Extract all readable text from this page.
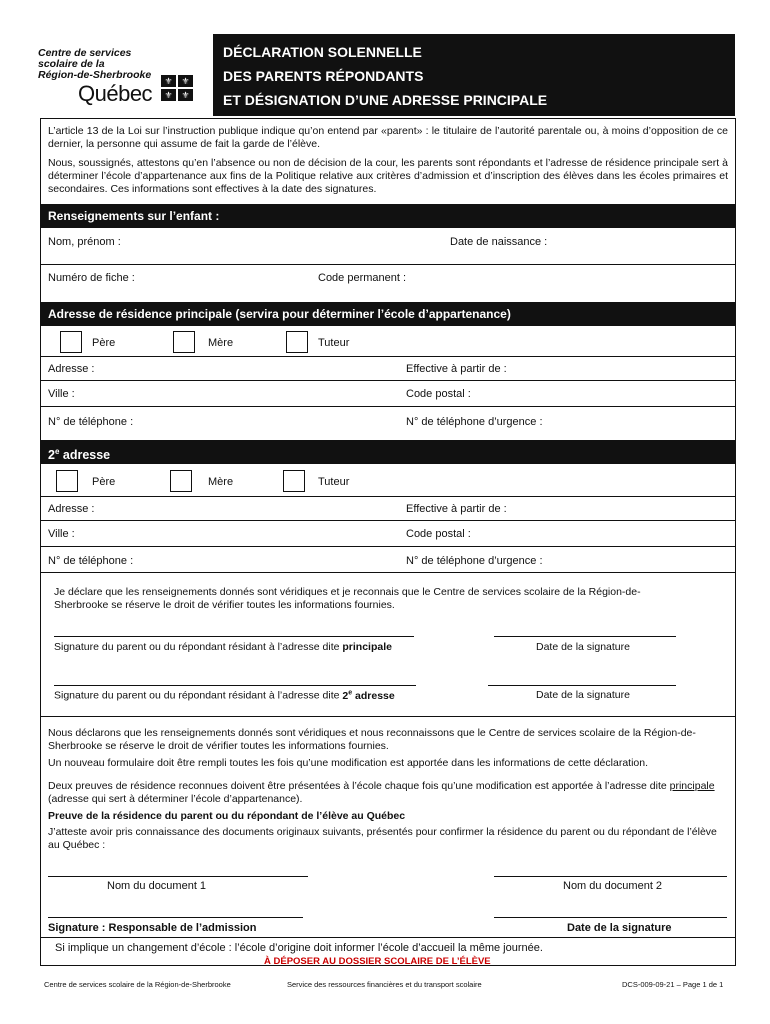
Centre de services
scolaire de la
Région-de-Sherbrooke
Québec	⚜ ⚜
⚜ ⚜
DÉCLARATION SOLENNELLE
DES PARENTS RÉPONDANTS
ET DÉSIGNATION D’UNE ADRESSE PRINCIPALE
L’article 13 de la Loi sur l’instruction publique indique qu’on entend par «parent» : le titulaire de l’autorité parentale ou, à moins d’opposition de ce dernier, la personne qui assume de fait la garde de l’élève.
Nous, soussignés, attestons qu’en l’absence ou non de décision de la cour, les parents sont répondants et l’adresse de résidence principale sert à déterminer l’école d’appartenance aux fins de la Politique relative aux critères d’admission et d’inscription des élèves dans les écoles primaires et secondaires. Ces informations sont effectives à la date des signatures.
Renseignements sur l’enfant :
Nom, prénom :	Date de naissance :
Numéro de fiche :	Code permanent :
Adresse de résidence principale (servira pour déterminer l’école d’appartenance)
Père	Mère	Tuteur
Adresse :	Effective à partir de :
Ville :	Code postal :
N° de téléphone :	N° de téléphone d’urgence :
2e adresse
Père	Mère	Tuteur
Adresse :	Effective à partir de :
Ville :	Code postal :
N° de téléphone :	N° de téléphone d’urgence :
Je déclare que les renseignements donnés sont véridiques et je reconnais que le Centre de services scolaire de la Région-de-Sherbrooke se réserve le droit de vérifier toutes les informations fournies.
Signature du parent ou du répondant résidant à l’adresse dite principale	Date de la signature
Signature du parent ou du répondant résidant à l’adresse dite 2e adresse	Date de la signature
Nous déclarons que les renseignements donnés sont véridiques et nous reconnaissons que le Centre de services scolaire de la Région-de-Sherbrooke se réserve le droit de vérifier toutes les informations fournies.
Un nouveau formulaire doit être rempli toutes les fois qu’une modification est apportée dans les informations de cette déclaration.
Deux preuves de résidence reconnues doivent être présentées à l’école chaque fois qu’une modification est apportée à l’adresse dite principale (adresse qui sert à déterminer l’école d’appartenance).
Preuve de la résidence du parent ou du répondant de l’élève au Québec
J’atteste avoir pris connaissance des documents originaux suivants, présentés pour confirmer la résidence du parent ou du répondant de l’élève au Québec :
Nom du document 1	Nom du document 2
Signature : Responsable de l’admission	Date de la signature
Si implique un changement d’école : l’école d’origine doit informer l’école d’accueil la même journée.
À DÉPOSER AU DOSSIER SCOLAIRE DE L’ÉLÈVE
Centre de services scolaire de la Région-de-Sherbrooke	Service des ressources financières et du transport scolaire	DCS-009-09-21 – Page 1 de 1
